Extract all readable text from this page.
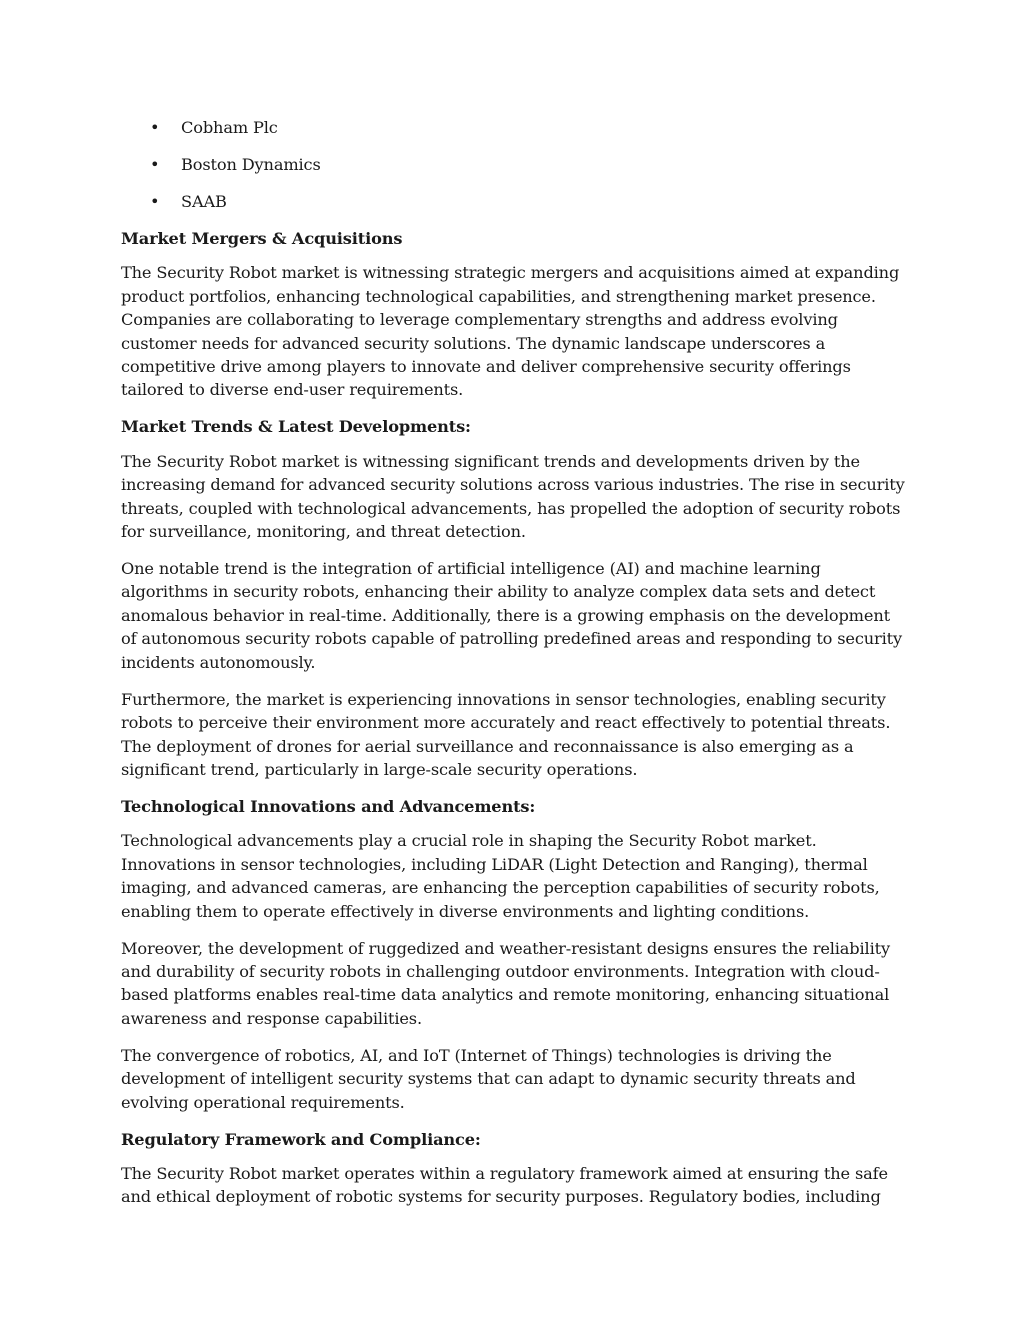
• Cobham Plc
• Boston Dynamics
• SAAB
Market Mergers & Acquisitions

The Security Robot market is witnessing strategic mergers and acquisitions aimed at expanding product portfolios, enhancing technological capabilities, and strengthening market presence. Companies are collaborating to leverage complementary strengths and address evolving customer needs for advanced security solutions. The dynamic landscape underscores a competitive drive among players to innovate and deliver comprehensive security offerings tailored to diverse end-user requirements.

Market Trends & Latest Developments:

The Security Robot market is witnessing significant trends and developments driven by the increasing demand for advanced security solutions across various industries. The rise in security threats, coupled with technological advancements, has propelled the adoption of security robots for surveillance, monitoring, and threat detection.

One notable trend is the integration of artificial intelligence (AI) and machine learning algorithms in security robots, enhancing their ability to analyze complex data sets and detect anomalous behavior in real-time. Additionally, there is a growing emphasis on the development of autonomous security robots capable of patrolling predefined areas and responding to security incidents autonomously.

Furthermore, the market is experiencing innovations in sensor technologies, enabling security robots to perceive their environment more accurately and react effectively to potential threats. The deployment of drones for aerial surveillance and reconnaissance is also emerging as a significant trend, particularly in large-scale security operations.

Technological Innovations and Advancements:

Technological advancements play a crucial role in shaping the Security Robot market. Innovations in sensor technologies, including LiDAR (Light Detection and Ranging), thermal imaging, and advanced cameras, are enhancing the perception capabilities of security robots, enabling them to operate effectively in diverse environments and lighting conditions.

Moreover, the development of ruggedized and weather-resistant designs ensures the reliability and durability of security robots in challenging outdoor environments. Integration with cloud-based platforms enables real-time data analytics and remote monitoring, enhancing situational awareness and response capabilities.

The convergence of robotics, AI, and IoT (Internet of Things) technologies is driving the development of intelligent security systems that can adapt to dynamic security threats and evolving operational requirements.

Regulatory Framework and Compliance:

The Security Robot market operates within a regulatory framework aimed at ensuring the safe and ethical deployment of robotic systems for security purposes. Regulatory bodies, including
